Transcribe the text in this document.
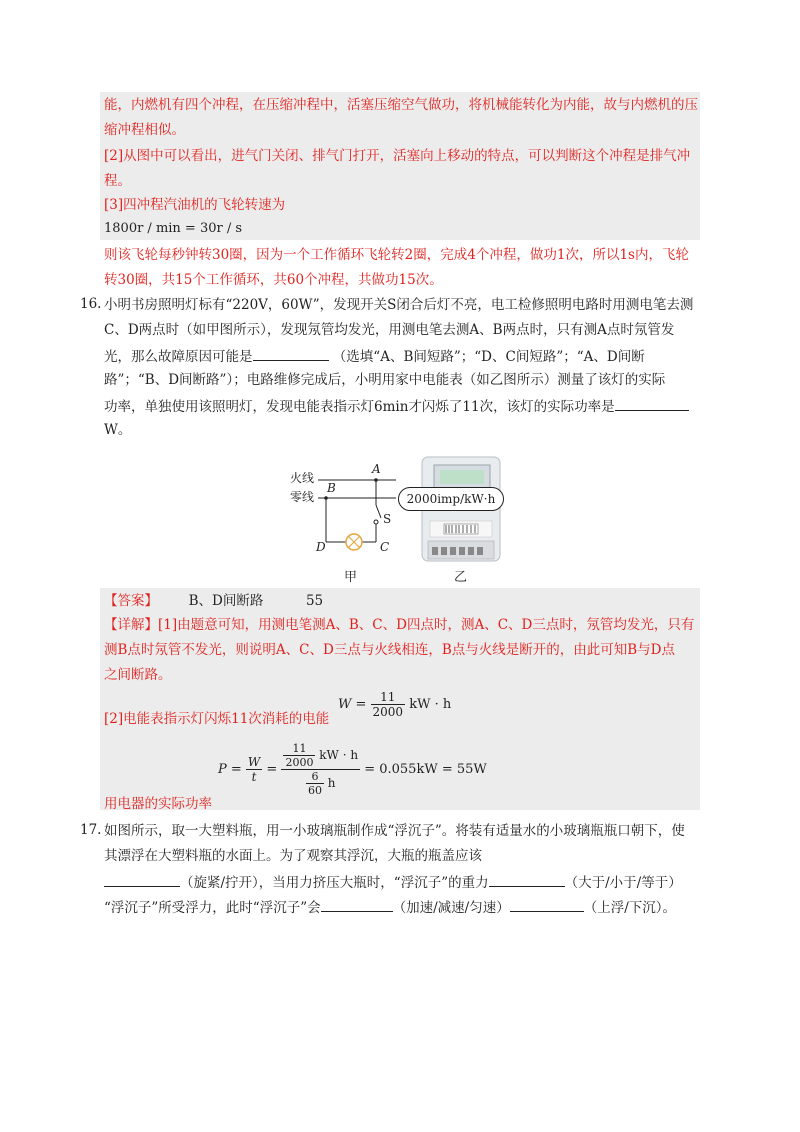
能，内燃机有四个冲程，在压缩冲程中，活塞压缩空气做功，将机械能转化为内能，故与内燃机的压
缩冲程相似。
[2]从图中可以看出，进气门关闭、排气门打开，活塞向上移动的特点，可以判断这个冲程是排气冲
程。
[3]四冲程汽油机的飞轮转速为
1800r / min = 30r / s
则该飞轮每秒钟转30圈，因为一个工作循环飞轮转2圈，完成4个冲程，做功1次，所以1s内，飞轮
转30圈，共15个工作循环，共60个冲程，共做功15次。
16. 小明书房照明灯标有“220V，60W”，发现开关S闭合后灯不亮，电工检修照明电路时用测电笔去测
C、D两点时（如甲图所示），发现氖管均发光，用测电笔去测A、B两点时，只有测A点时氖管发
光，那么故障原因可能是	（选填“A、B间短路”；“D、C间短路”；“A、D间断
路”；“B、D间断路”）；电路维修完成后，小明用家中电能表（如乙图所示）测量了该灯的实际
功率，单独使用该照明灯，发现电能表指示灯6min才闪烁了11次，该灯的实际功率是
W。
火线
零线
A
B
S
C
D
甲
2000imp/kW·h
乙
【答案】 B、D间断路	55
【详解】[1]由题意可知，用测电笔测A、B、C、D四点时，测A、C、D三点时，氖管均发光，只有
测B点时氖管不发光，则说明A、C、D三点与火线相连，B点与火线是断开的，由此可知B与D点
之间断路。
$W = \frac{11}{2000}$ kW · h
[2]电能表指示灯闪烁11次消耗的电能
$P = \frac{W}{t} = \frac{\frac{11}{2000} kW \cdot h}{\frac{6}{60} h} = 0.055kW = 55W$
用电器的实际功率
17. 如图所示，取一大塑料瓶，用一小玻璃瓶制作成“浮沉子”。将装有适量水的小玻璃瓶瓶口朝下，使
其漂浮在大塑料瓶的水面上。为了观察其浮沉，大瓶的瓶盖应该
（旋紧/拧开），当用力挤压大瓶时，“浮沉子”的重力	（大于/小于/等于）
“浮沉子”所受浮力，此时“浮沉子”会	（加速/减速/匀速）	（上浮/下沉）。
